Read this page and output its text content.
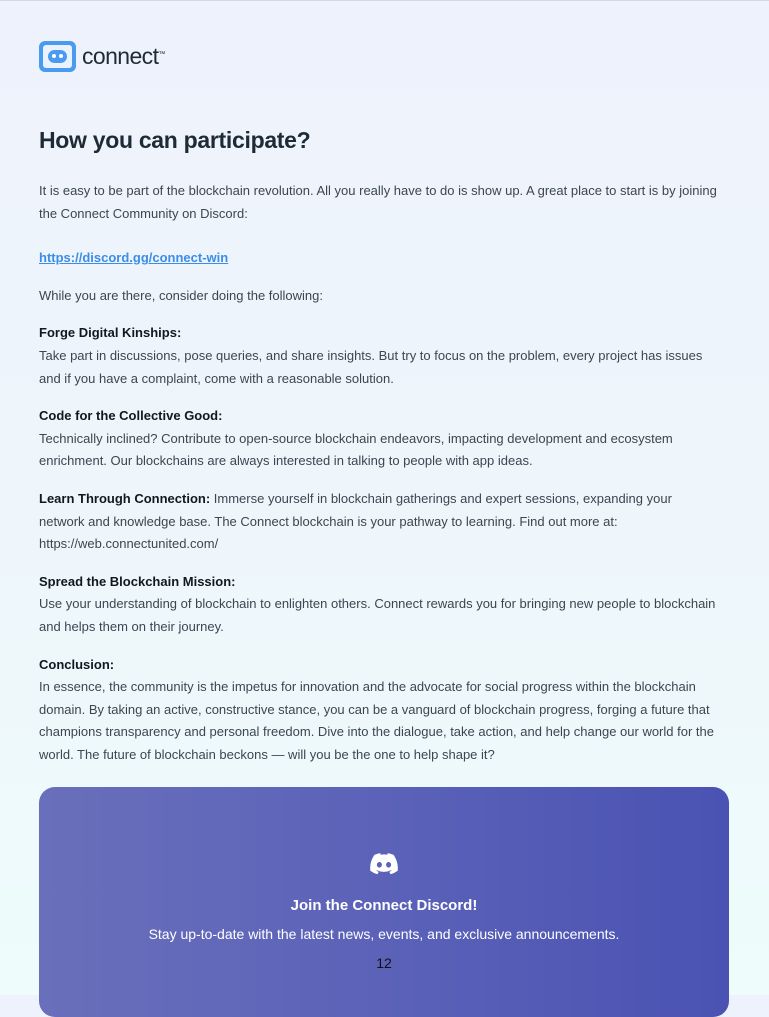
connect ™
How you can participate?

It is easy to be part of the blockchain revolution. All you really have to do is show up. A great place to start is by joining the Connect Community on Discord:

https://discord.gg/connect-win

While you are there, consider doing the following:

Forge Digital Kinships:
Take part in discussions, pose queries, and share insights. But try to focus on the problem, every project has issues and if you have a complaint, come with a reasonable solution.

Code for the Collective Good:
Technically inclined? Contribute to open-source blockchain endeavors, impacting development and ecosystem enrichment. Our blockchains are always interested in talking to people with app ideas.

Learn Through Connection: Immerse yourself in blockchain gatherings and expert sessions, expanding your network and knowledge base. The Connect blockchain is your pathway to learning. Find out more at: https://web.connectunited.com/

Spread the Blockchain Mission:
Use your understanding of blockchain to enlighten others. Connect rewards you for bringing new people to blockchain and helps them on their journey.

Conclusion:
In essence, the community is the impetus for innovation and the advocate for social progress within the blockchain domain. By taking an active, constructive stance, you can be a vanguard of blockchain progress, forging a future that champions transparency and personal freedom. Dive into the dialogue, take action, and help change our world for the world. The future of blockchain beckons — will you be the one to help shape it?

Join the Connect Discord!

Stay up-to-date with the latest news, events, and exclusive announcements.

12
